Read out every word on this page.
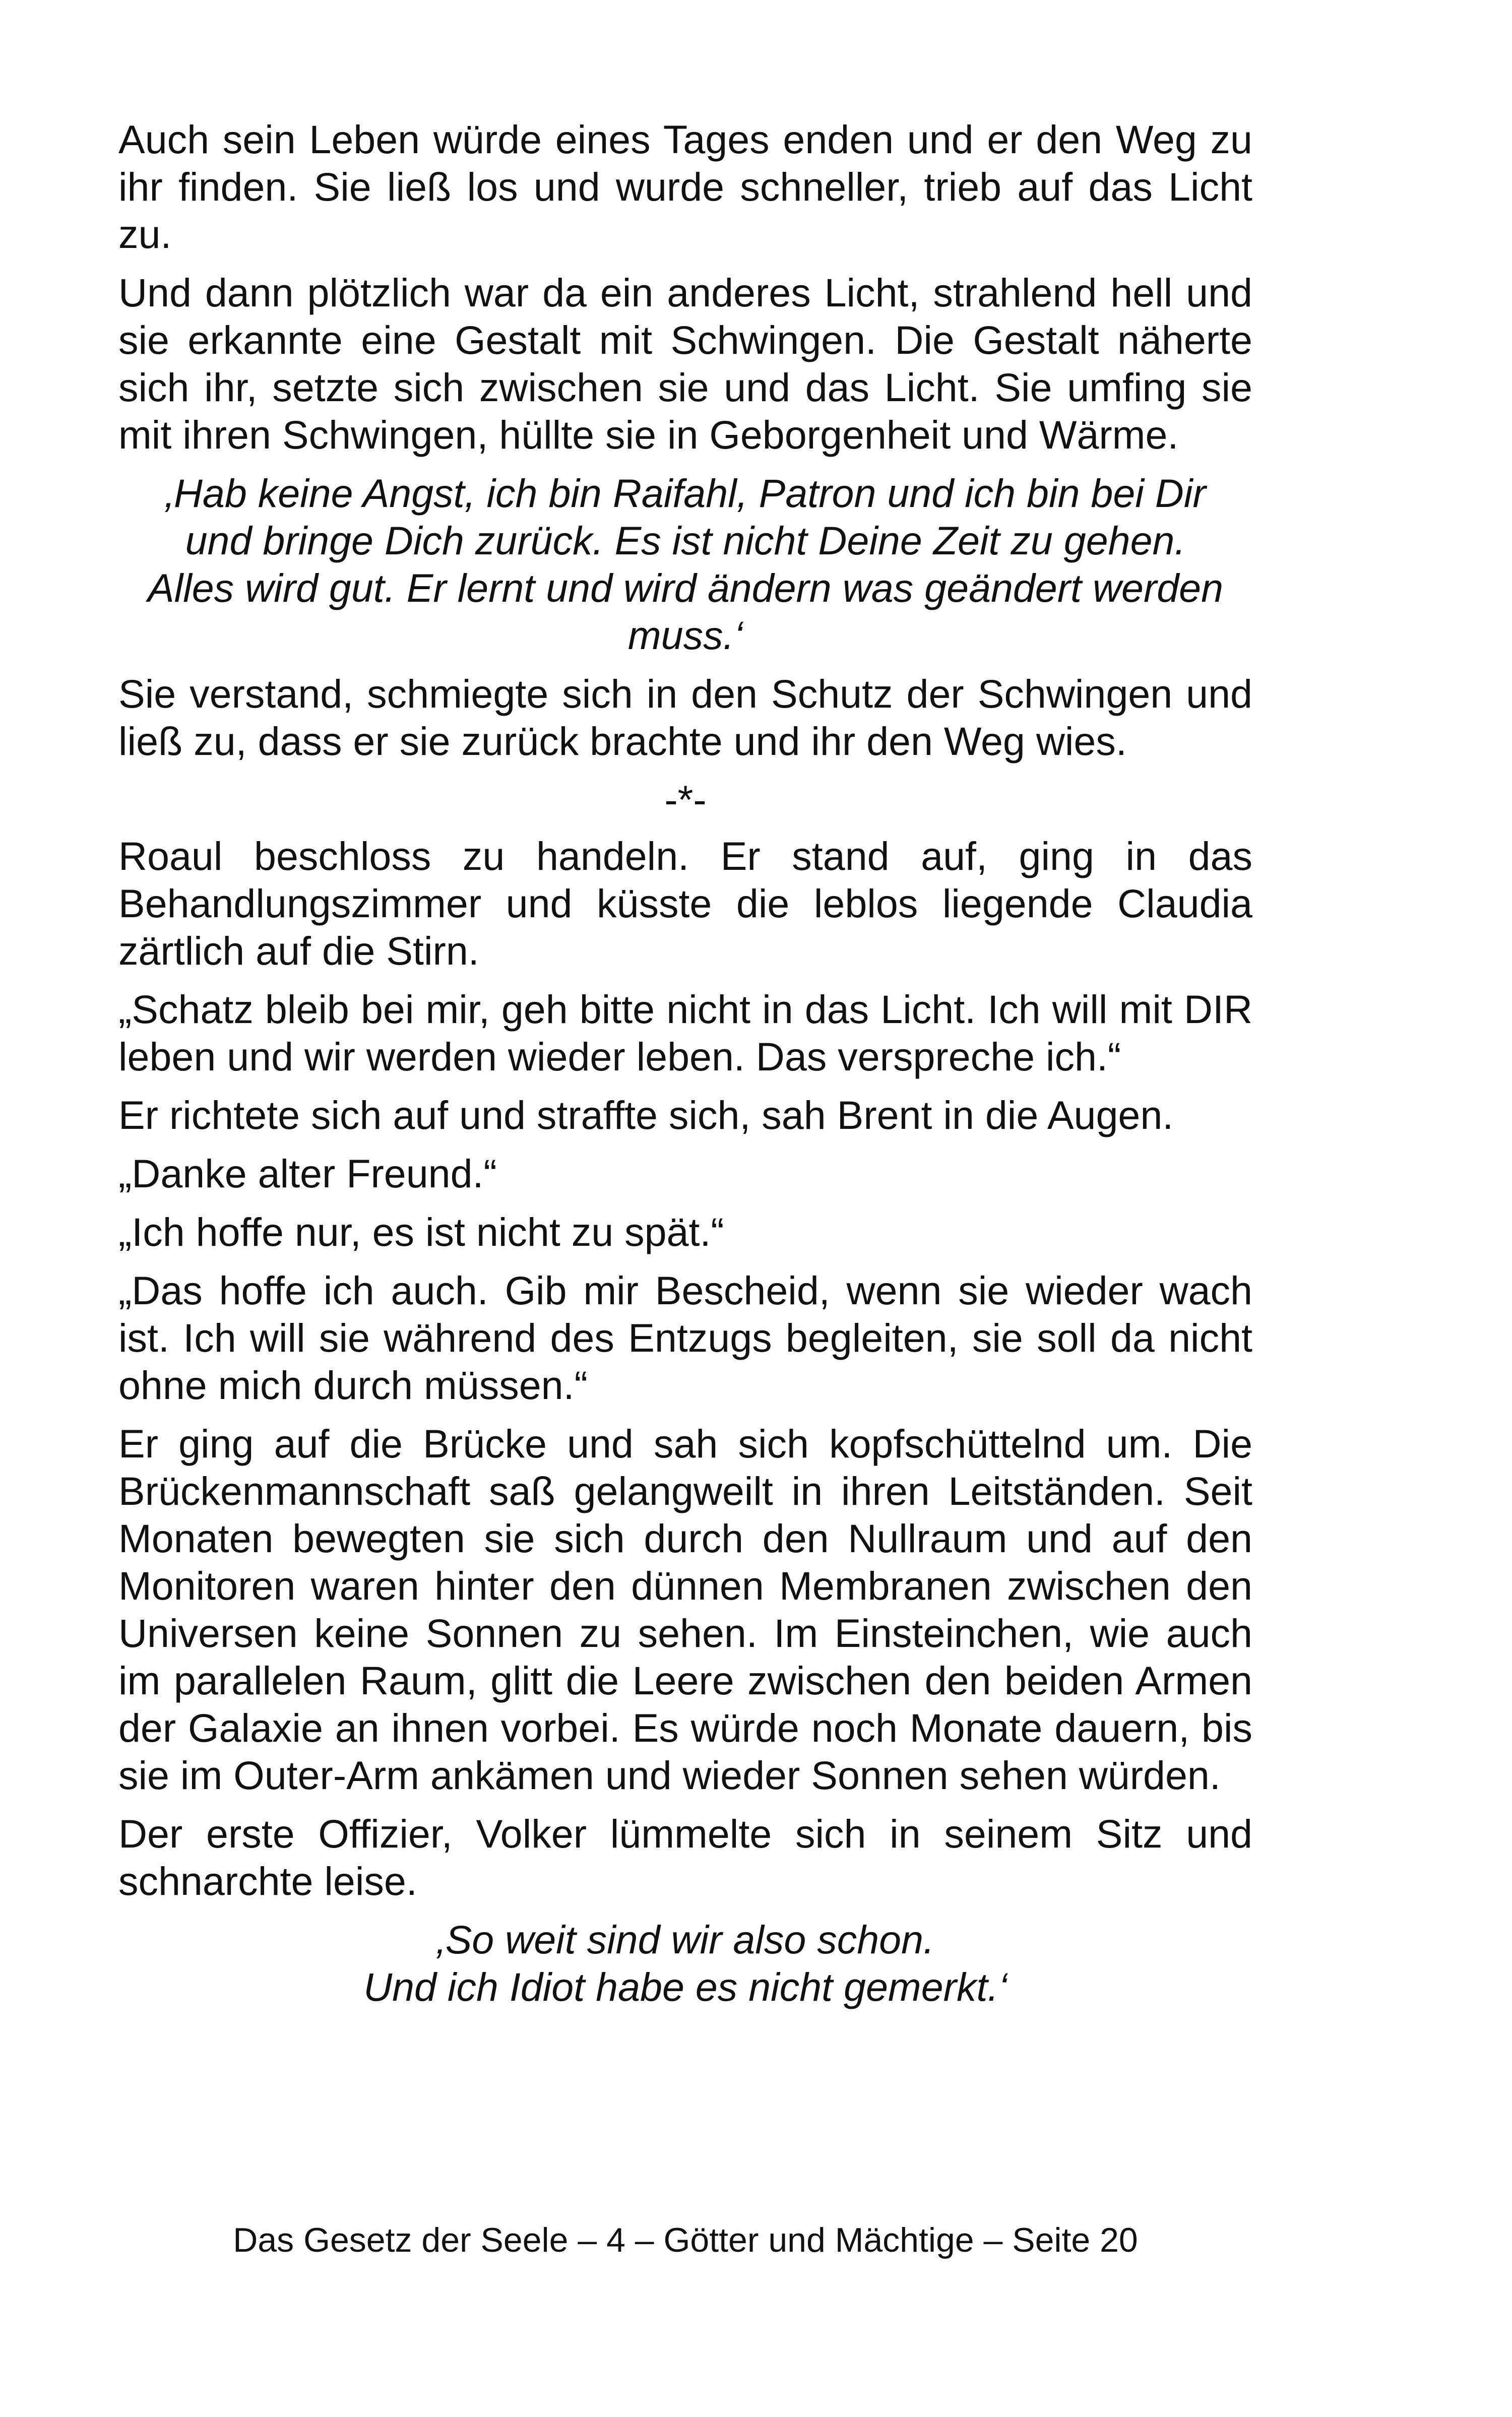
Auch sein Leben würde eines Tages enden und er den Weg zu ihr finden. Sie ließ los und wurde schneller, trieb auf das Licht zu.

Und dann plötzlich war da ein anderes Licht, strahlend hell und sie erkannte eine Gestalt mit Schwingen. Die Gestalt näherte sich ihr, setzte sich zwischen sie und das Licht. Sie umfing sie mit ihren Schwingen, hüllte sie in Geborgenheit und Wärme.

‚Hab keine Angst, ich bin Raifahl, Patron und ich bin bei Dir
und bringe Dich zurück. Es ist nicht Deine Zeit zu gehen.
Alles wird gut. Er lernt und wird ändern was geändert werden
muss.‘

Sie verstand, schmiegte sich in den Schutz der Schwingen und ließ zu, dass er sie zurück brachte und ihr den Weg wies.

-*-

Roaul beschloss zu handeln. Er stand auf, ging in das Behandlungszimmer und küsste die leblos liegende Claudia zärtlich auf die Stirn.

„Schatz bleib bei mir, geh bitte nicht in das Licht. Ich will mit DIR leben und wir werden wieder leben. Das verspreche ich.“

Er richtete sich auf und straffte sich, sah Brent in die Augen.

„Danke alter Freund.“

„Ich hoffe nur, es ist nicht zu spät.“

„Das hoffe ich auch. Gib mir Bescheid, wenn sie wieder wach ist. Ich will sie während des Entzugs begleiten, sie soll da nicht ohne mich durch müssen.“

Er ging auf die Brücke und sah sich kopfschüttelnd um. Die Brückenmannschaft saß gelangweilt in ihren Leitständen. Seit Monaten bewegten sie sich durch den Nullraum und auf den Monitoren waren hinter den dünnen Membranen zwischen den Universen keine Sonnen zu sehen. Im Einsteinchen, wie auch im parallelen Raum, glitt die Leere zwischen den beiden Armen der Galaxie an ihnen vorbei. Es würde noch Monate dauern, bis sie im Outer-Arm ankämen und wieder Sonnen sehen würden.

Der erste Offizier, Volker lümmelte sich in seinem Sitz und schnarchte leise.

‚So weit sind wir also schon.
Und ich Idiot habe es nicht gemerkt.‘
Das Gesetz der Seele – 4 – Götter und Mächtige – Seite 20
